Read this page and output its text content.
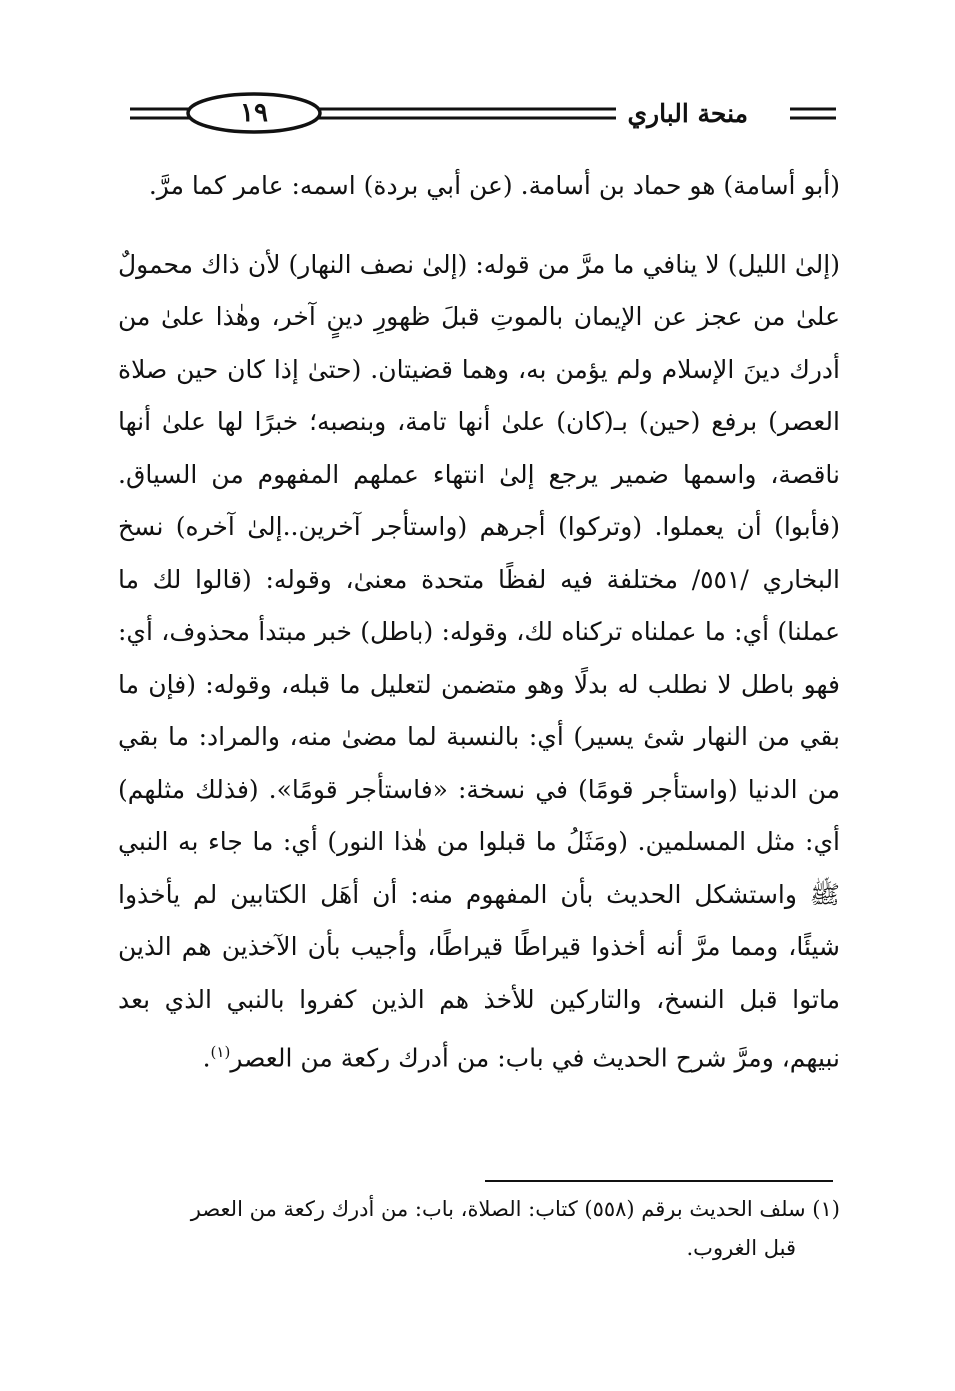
منحة الباري
١٩

(أبو أسامة) هو حماد بن أسامة. (عن أبي بردة) اسمه: عامر كما مرَّ.

(إلىٰ الليل) لا ينافي ما مرَّ من قوله: (إلىٰ نصف النهار) لأن ذاك محمولٌ علىٰ من عجز عن الإيمان بالموتِ قبلَ ظهورِ دينٍ آخر، وهٰذا علىٰ من أدرك دينَ الإسلام ولم يؤمن به، وهما قضيتان. (حتىٰ إذا كان حين صلاة العصر) برفع (حين) بـ(كان) علىٰ أنها تامة، وبنصبه؛ خبرًا لها علىٰ أنها ناقصة، واسمها ضمير يرجع إلىٰ انتهاء عملهم المفهوم من السياق. (فأبوا) أن يعملوا. (وتركوا) أجرهم (واستأجر آخرين..إلىٰ آخره) نسخ البخاري /٥٥١/ مختلفة فيه لفظًا متحدة معنىٰ، وقوله: (قالوا لك ما عملنا) أي: ما عملناه تركناه لك، وقوله: (باطل) خبر مبتدأ محذوف، أي: فهو باطل لا نطلب له بدلًا وهو متضمن لتعليل ما قبله، وقوله: (فإن ما بقي من النهار شئ يسير) أي: بالنسبة لما مضىٰ منه، والمراد: ما بقي من الدنيا (واستأجر قومًا) في نسخة: «فاستأجر قومًا». (فذلك مثلهم) أي: مثل المسلمين. (ومَثَلُ ما قبلوا من هٰذا النور) أي: ما جاء به النبي ﷺ واستشكل الحديث بأن المفهوم منه: أن أهَل الكتابين لم يأخذوا شيئًا، ومما مرَّ أنه أخذوا قيراطًا قيراطًا، وأجيب بأن الآخذين هم الذين ماتوا قبل النسخ، والتاركين للأخذ هم الذين كفروا بالنبي الذي بعد نبيهم، ومرَّ شرح الحديث في باب: من أدرك ركعة من العصر$^{(١)}$.

(١) سلف الحديث برقم (٥٥٨) كتاب: الصلاة، باب: من أدرك ركعة من العصر

قبل الغروب.
